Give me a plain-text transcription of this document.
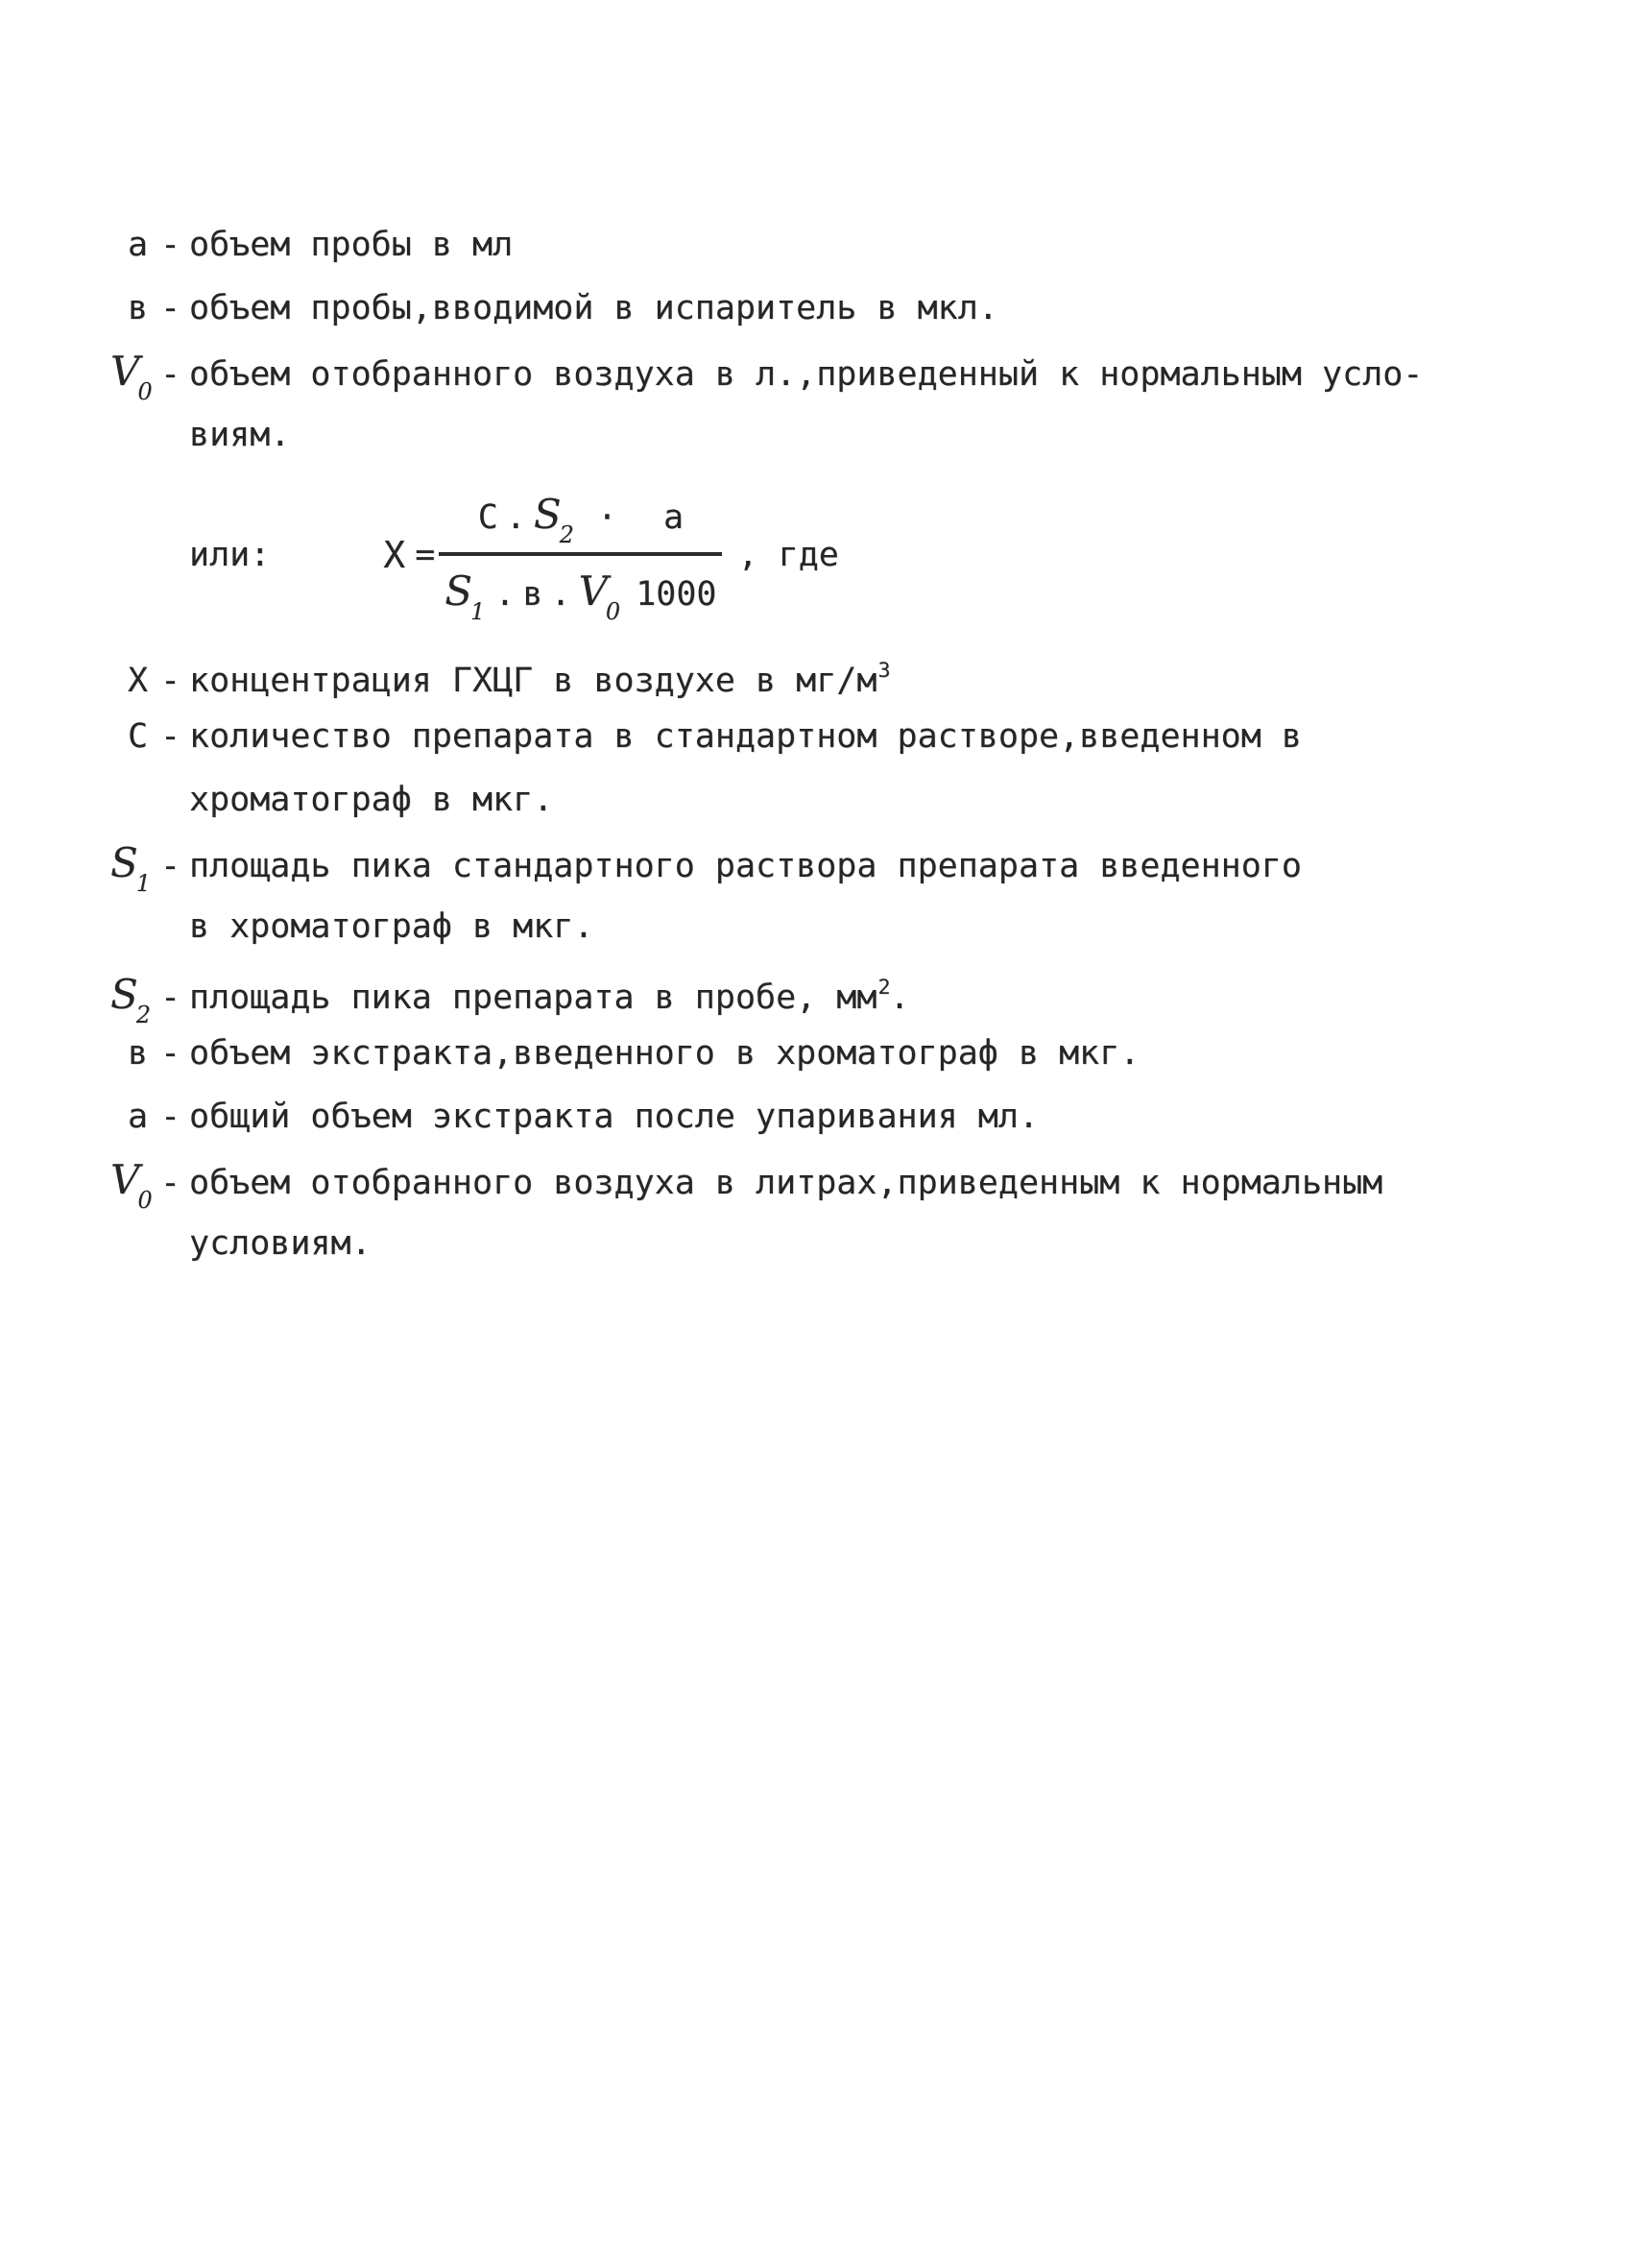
а - объем пробы в мл
в - объем пробы,вводимой в испаритель в мкл.
$V_0$ - объем отобранного воздуха в л.,приведенный к нормальным усло-
виям.
или:	$X = \frac{С . S_2 \cdot а}{S_1 . в . V_0 1000}$ , где
Х - концентрация ГХЦГ в воздухе в $мг/м^3$
С - количество препарата в стандартном растворе,введенном в
хроматограф в мкг.
$S_1$ - площадь пика стандартного раствора препарата введенного
в хроматограф в мкг.
$S_2$ - площадь пика препарата в пробе, $мм^2$.
в - объем экстракта,введенного в хроматограф в мкг.
а - общий объем экстракта после упаривания мл.
$V_0$ - объем отобранного воздуха в литрах,приведенным к нормальным
условиям.
